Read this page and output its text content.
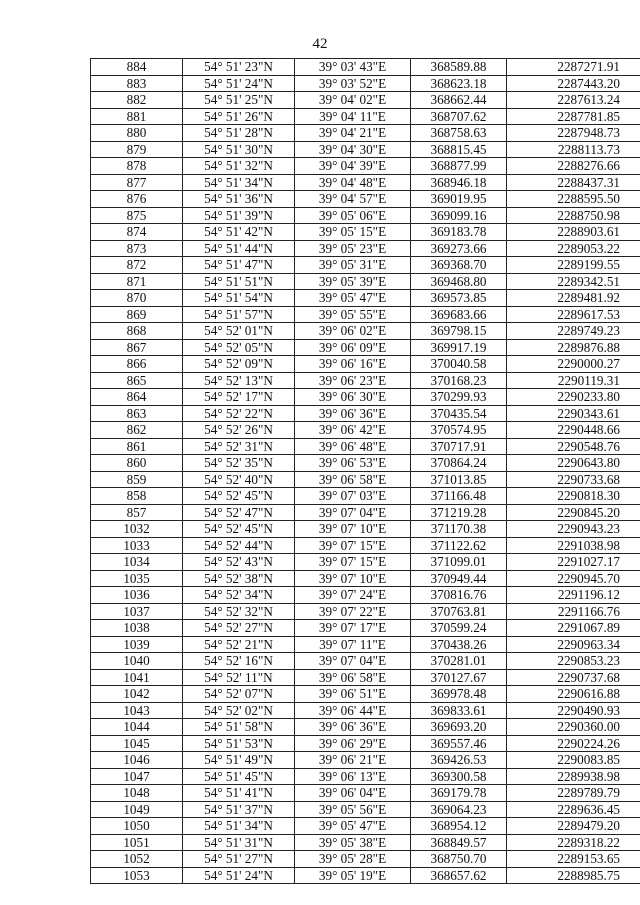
42
884	54° 51' 23"N	39° 03' 43"E	368589.88	2287271.91
883	54° 51' 24"N	39° 03' 52"E	368623.18	2287443.20
882	54° 51' 25"N	39° 04' 02"E	368662.44	2287613.24
881	54° 51' 26"N	39° 04' 11"E	368707.62	2287781.85
880	54° 51' 28"N	39° 04' 21"E	368758.63	2287948.73
879	54° 51' 30"N	39° 04' 30"E	368815.45	2288113.73
878	54° 51' 32"N	39° 04' 39"E	368877.99	2288276.66
877	54° 51' 34"N	39° 04' 48"E	368946.18	2288437.31
876	54° 51' 36"N	39° 04' 57"E	369019.95	2288595.50
875	54° 51' 39"N	39° 05' 06"E	369099.16	2288750.98
874	54° 51' 42"N	39° 05' 15"E	369183.78	2288903.61
873	54° 51' 44"N	39° 05' 23"E	369273.66	2289053.22
872	54° 51' 47"N	39° 05' 31"E	369368.70	2289199.55
871	54° 51' 51"N	39° 05' 39"E	369468.80	2289342.51
870	54° 51' 54"N	39° 05' 47"E	369573.85	2289481.92
869	54° 51' 57"N	39° 05' 55"E	369683.66	2289617.53
868	54° 52' 01"N	39° 06' 02"E	369798.15	2289749.23
867	54° 52' 05"N	39° 06' 09"E	369917.19	2289876.88
866	54° 52' 09"N	39° 06' 16"E	370040.58	2290000.27
865	54° 52' 13"N	39° 06' 23"E	370168.23	2290119.31
864	54° 52' 17"N	39° 06' 30"E	370299.93	2290233.80
863	54° 52' 22"N	39° 06' 36"E	370435.54	2290343.61
862	54° 52' 26"N	39° 06' 42"E	370574.95	2290448.66
861	54° 52' 31"N	39° 06' 48"E	370717.91	2290548.76
860	54° 52' 35"N	39° 06' 53"E	370864.24	2290643.80
859	54° 52' 40"N	39° 06' 58"E	371013.85	2290733.68
858	54° 52' 45"N	39° 07' 03"E	371166.48	2290818.30
857	54° 52' 47"N	39° 07' 04"E	371219.28	2290845.20
1032	54° 52' 45"N	39° 07' 10"E	371170.38	2290943.23
1033	54° 52' 44"N	39° 07' 15"E	371122.62	2291038.98
1034	54° 52' 43"N	39° 07' 15"E	371099.01	2291027.17
1035	54° 52' 38"N	39° 07' 10"E	370949.44	2290945.70
1036	54° 52' 34"N	39° 07' 24"E	370816.76	2291196.12
1037	54° 52' 32"N	39° 07' 22"E	370763.81	2291166.76
1038	54° 52' 27"N	39° 07' 17"E	370599.24	2291067.89
1039	54° 52' 21"N	39° 07' 11"E	370438.26	2290963.34
1040	54° 52' 16"N	39° 07' 04"E	370281.01	2290853.23
1041	54° 52' 11"N	39° 06' 58"E	370127.67	2290737.68
1042	54° 52' 07"N	39° 06' 51"E	369978.48	2290616.88
1043	54° 52' 02"N	39° 06' 44"E	369833.61	2290490.93
1044	54° 51' 58"N	39° 06' 36"E	369693.20	2290360.00
1045	54° 51' 53"N	39° 06' 29"E	369557.46	2290224.26
1046	54° 51' 49"N	39° 06' 21"E	369426.53	2290083.85
1047	54° 51' 45"N	39° 06' 13"E	369300.58	2289938.98
1048	54° 51' 41"N	39° 06' 04"E	369179.78	2289789.79
1049	54° 51' 37"N	39° 05' 56"E	369064.23	2289636.45
1050	54° 51' 34"N	39° 05' 47"E	368954.12	2289479.20
1051	54° 51' 31"N	39° 05' 38"E	368849.57	2289318.22
1052	54° 51' 27"N	39° 05' 28"E	368750.70	2289153.65
1053	54° 51' 24"N	39° 05' 19"E	368657.62	2288985.75
